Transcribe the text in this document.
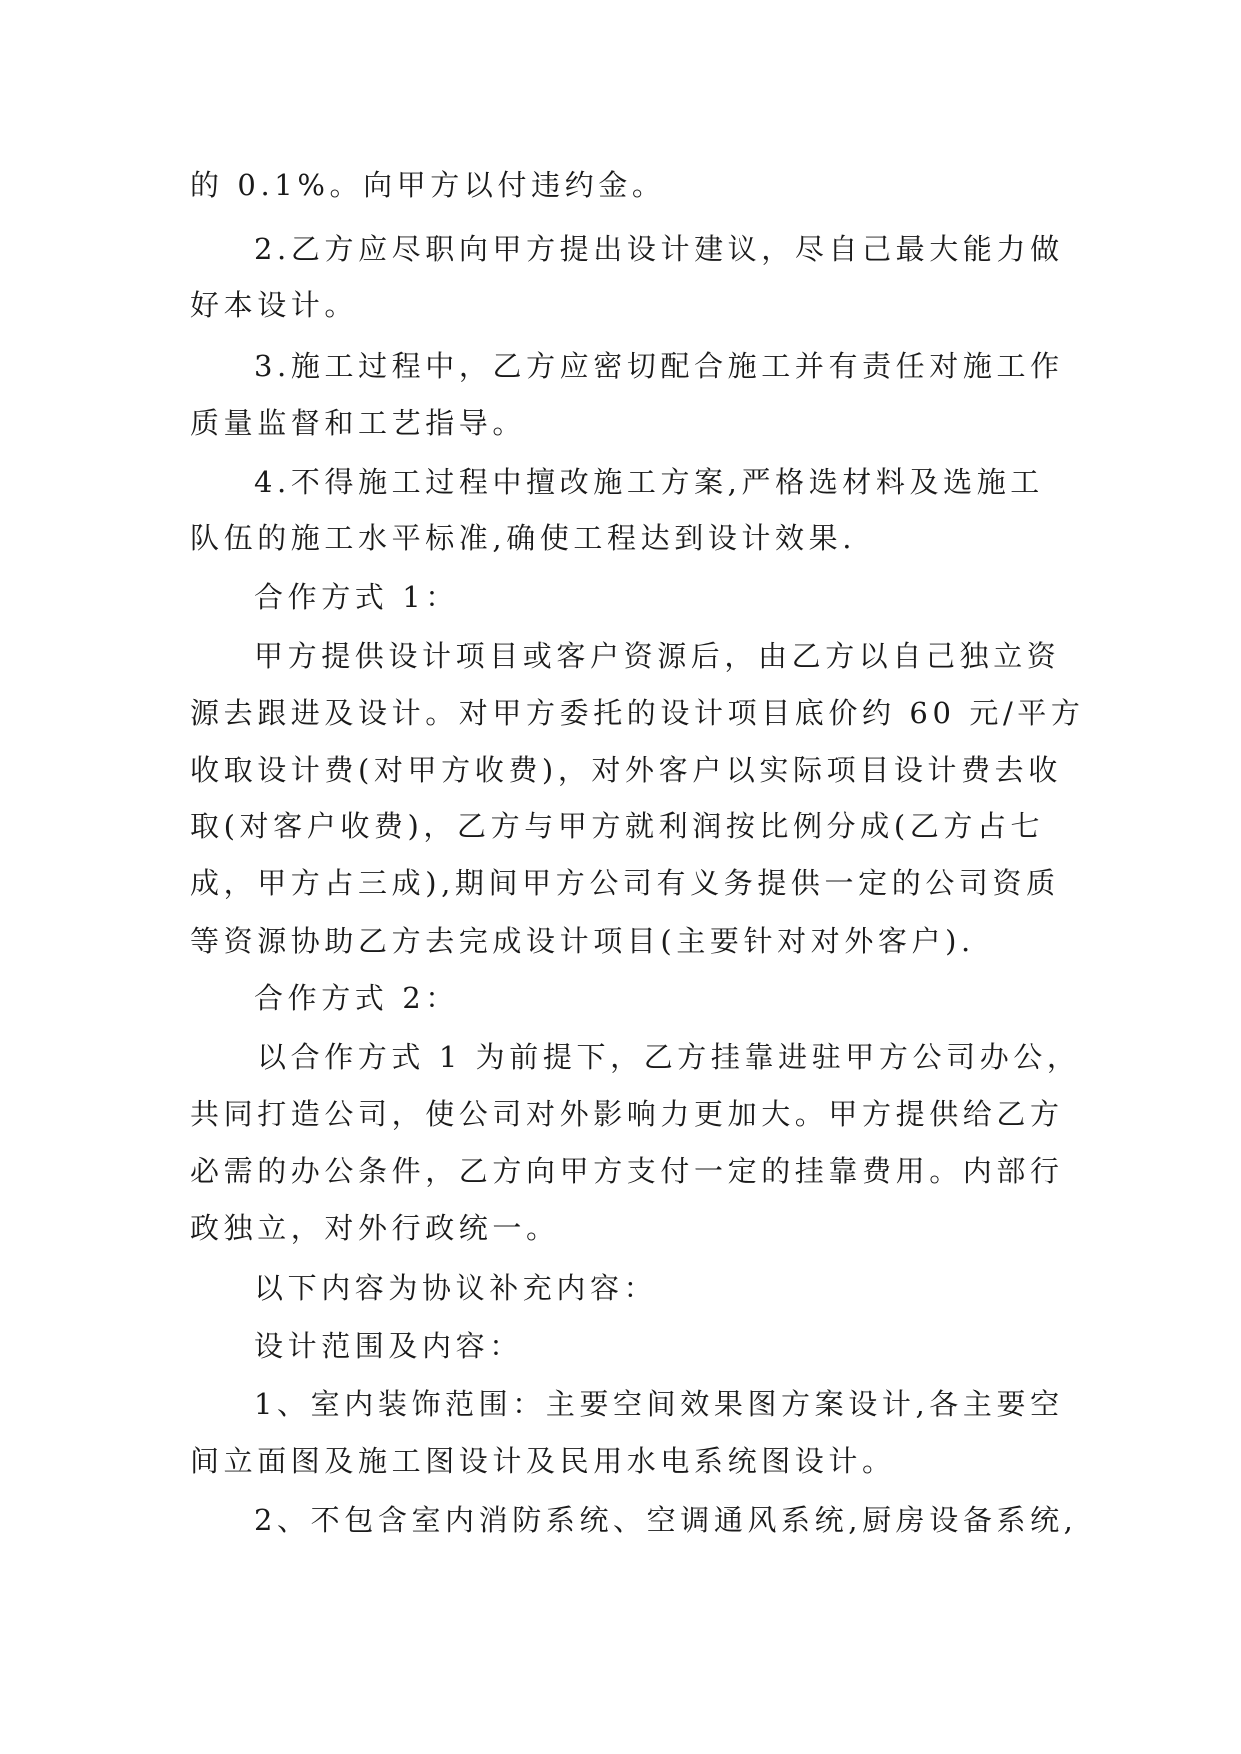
的 0.1%。向甲方以付违约金。
2.乙方应尽职向甲方提出设计建议，尽自己最大能力做
好本设计。
3.施工过程中，乙方应密切配合施工并有责任对施工作
质量监督和工艺指导。
4.不得施工过程中擅改施工方案,严格选材料及选施工
队伍的施工水平标准,确使工程达到设计效果.
合作方式 1：
甲方提供设计项目或客户资源后，由乙方以自己独立资
源去跟进及设计。对甲方委托的设计项目底价约 60 元/平方
收取设计费(对甲方收费)，对外客户以实际项目设计费去收
取(对客户收费)，乙方与甲方就利润按比例分成(乙方占七
成，甲方占三成),期间甲方公司有义务提供一定的公司资质
等资源协助乙方去完成设计项目(主要针对对外客户).
合作方式 2：
以合作方式 1 为前提下，乙方挂靠进驻甲方公司办公，
共同打造公司，使公司对外影响力更加大。甲方提供给乙方
必需的办公条件，乙方向甲方支付一定的挂靠费用。内部行
政独立，对外行政统一。
以下内容为协议补充内容：
设计范围及内容：
1、室内装饰范围：主要空间效果图方案设计,各主要空
间立面图及施工图设计及民用水电系统图设计。
2、不包含室内消防系统、空调通风系统,厨房设备系统,
